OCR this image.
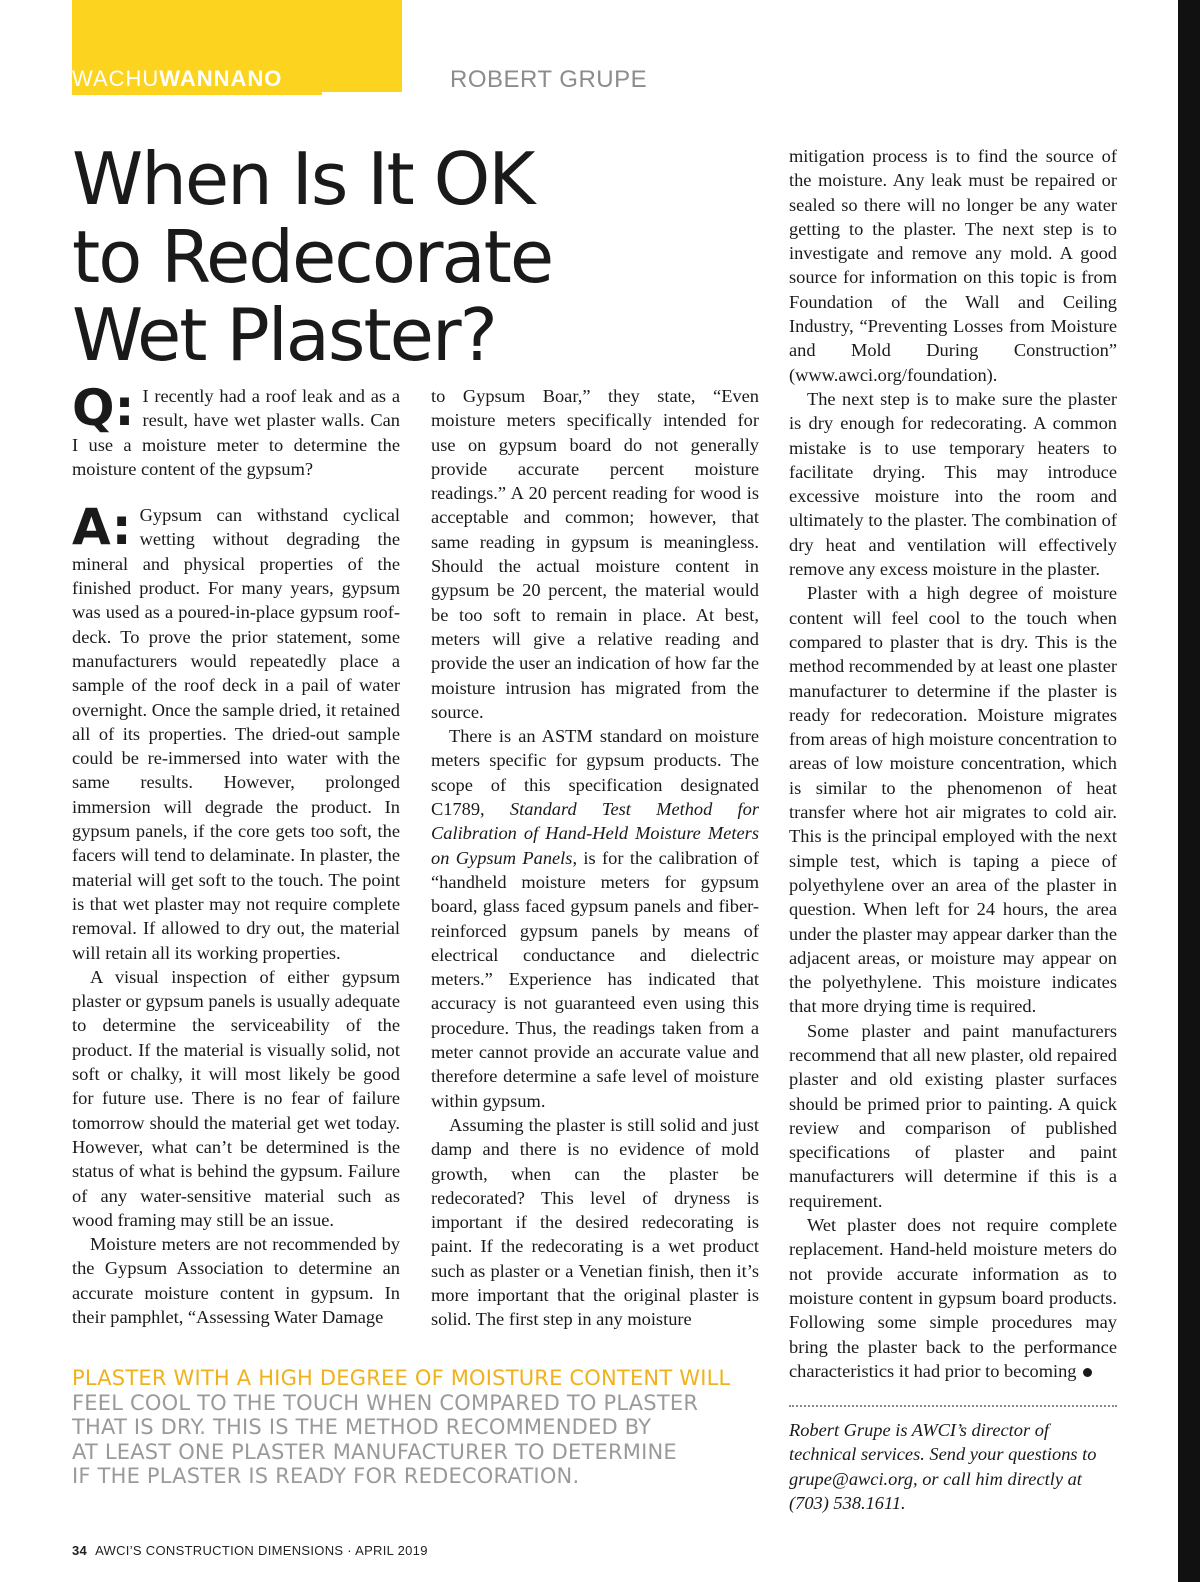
WACHUWANNANO	ROBERT GRUPE
When Is It OK
to Redecorate
Wet Plaster?

Q: I recently had a roof leak and as a result, have wet plaster walls. Can I use a moisture meter to determine the moisture content of the gypsum?

A: Gypsum can withstand cyclical wetting without degrading the mineral and physical properties of the finished product. For many years, gypsum was used as a poured-in-place gypsum roof-deck. To prove the prior statement, some manufacturers would repeatedly place a sample of the roof deck in a pail of water overnight. Once the sample dried, it retained all of its properties. The dried-out sample could be re-immersed into water with the same results. However, prolonged immersion will degrade the product. In gypsum panels, if the core gets too soft, the facers will tend to delaminate. In plaster, the material will get soft to the touch. The point is that wet plaster may not require complete removal. If allowed to dry out, the material will retain all its working properties.

A visual inspection of either gypsum plaster or gypsum panels is usually adequate to determine the serviceability of the product. If the material is visually solid, not soft or chalky, it will most likely be good for future use. There is no fear of failure tomorrow should the material get wet today. However, what can’t be determined is the status of what is behind the gypsum. Failure of any water-sensitive material such as wood framing may still be an issue.

Moisture meters are not recommended by the Gypsum Association to determine an accurate moisture content in gypsum. In their pamphlet, “Assessing Water Damage

to Gypsum Boar,” they state, “Even moisture meters specifically intended for use on gypsum board do not generally provide accurate percent moisture readings.” A 20 percent reading for wood is acceptable and common; however, that same reading in gypsum is meaningless. Should the actual moisture content in gypsum be 20 percent, the material would be too soft to remain in place. At best, meters will give a relative reading and provide the user an indication of how far the moisture intrusion has migrated from the source.

There is an ASTM standard on moisture meters specific for gypsum products. The scope of this specification designated C1789, Standard Test Method for Calibration of Hand-Held Moisture Meters on Gypsum Panels, is for the calibration of “handheld moisture meters for gypsum board, glass faced gypsum panels and fiber-reinforced gypsum panels by means of electrical conductance and dielectric meters.” Experience has indicated that accuracy is not guaranteed even using this procedure. Thus, the readings taken from a meter cannot provide an accurate value and therefore determine a safe level of moisture within gypsum.

Assuming the plaster is still solid and just damp and there is no evidence of mold growth, when can the plaster be redecorated? This level of dryness is important if the desired redecorating is paint. If the redecorating is a wet product such as plaster or a Venetian finish, then it’s more important that the original plaster is solid. The first step in any moisture

mitigation process is to find the source of the moisture. Any leak must be repaired or sealed so there will no longer be any water getting to the plaster. The next step is to investigate and remove any mold. A good source for information on this topic is from Foundation of the Wall and Ceiling Industry, “Preventing Losses from Moisture and Mold During Construction” (www.awci.org/foundation).

The next step is to make sure the plaster is dry enough for redecorating. A common mistake is to use temporary heaters to facilitate drying. This may introduce excessive moisture into the room and ultimately to the plaster. The combination of dry heat and ventilation will effectively remove any excess moisture in the plaster.

Plaster with a high degree of moisture content will feel cool to the touch when compared to plaster that is dry. This is the method recommended by at least one plaster manufacturer to determine if the plaster is ready for redecoration. Moisture migrates from areas of high moisture concentration to areas of low moisture concentration, which is similar to the phenomenon of heat transfer where hot air migrates to cold air. This is the principal employed with the next simple test, which is taping a piece of polyethylene over an area of the plaster in question. When left for 24 hours, the area under the plaster may appear darker than the adjacent areas, or moisture may appear on the polyethylene. This moisture indicates that more drying time is required.

Some plaster and paint manufacturers recommend that all new plaster, old repaired plaster and old existing plaster surfaces should be primed prior to painting. A quick review and comparison of published specifications of plaster and paint manufacturers will determine if this is a requirement.

Wet plaster does not require complete replacement. Hand-held moisture meters do not provide accurate information as to moisture content in gypsum board products. Following some simple procedures may bring the plaster back to the performance characteristics it had prior to becoming

Robert Grupe is AWCI’s director of technical services. Send your questions to grupe@awci.org, or call him directly at (703) 538.1611.

PLASTER WITH A HIGH DEGREE OF MOISTURE CONTENT WILL
FEEL COOL TO THE TOUCH WHEN COMPARED TO PLASTER
THAT IS DRY. THIS IS THE METHOD RECOMMENDED BY
AT LEAST ONE PLASTER MANUFACTURER TO DETERMINE
IF THE PLASTER IS READY FOR REDECORATION.
34 AWCI’S CONSTRUCTION DIMENSIONS · APRIL 2019
